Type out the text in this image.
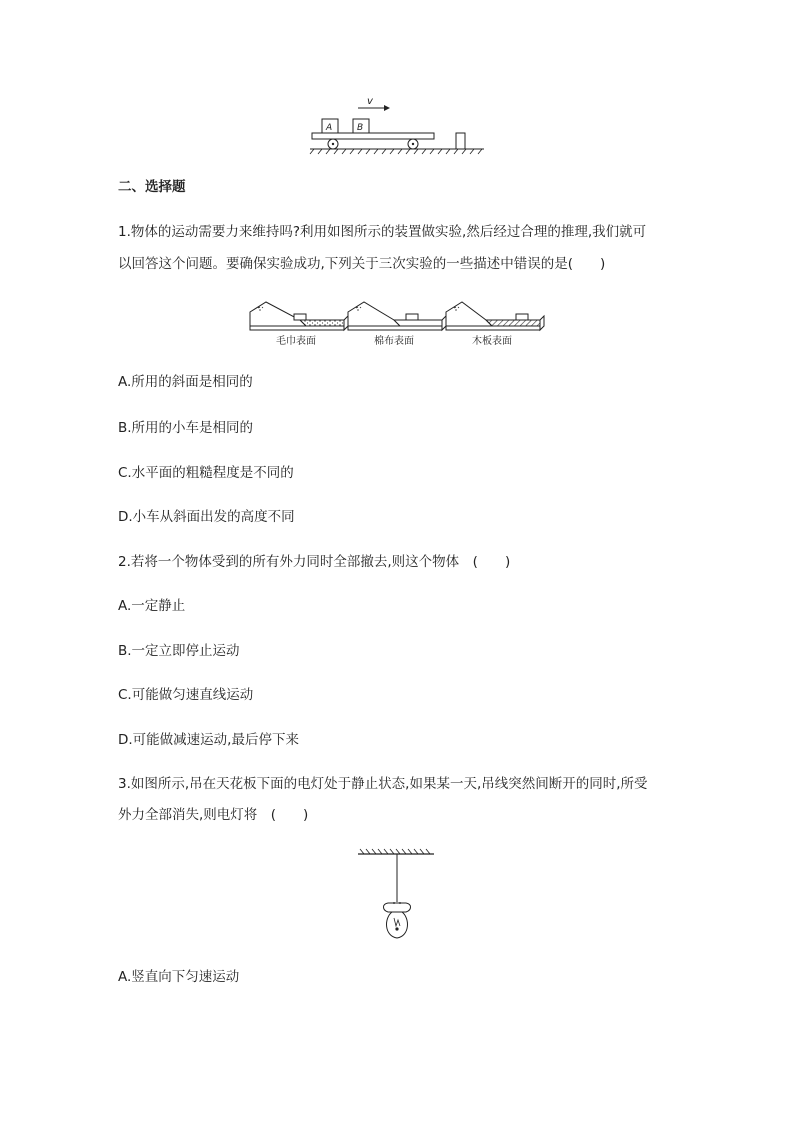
v
A	B
二、选择题
1.物体的运动需要力来维持吗?利用如图所示的装置做实验,然后经过合理的推理,我们就可
以回答这个问题。要确保实验成功,下列关于三次实验的一些描述中错误的是(　　)
毛巾表面	棉布表面	木板表面
A.所用的斜面是相同的
B.所用的小车是相同的
C.水平面的粗糙程度是不同的
D.小车从斜面出发的高度不同
2.若将一个物体受到的所有外力同时全部撤去,则这个物体　(　　)
A.一定静止
B.一定立即停止运动
C.可能做匀速直线运动
D.可能做减速运动,最后停下来
3.如图所示,吊在天花板下面的电灯处于静止状态,如果某一天,吊线突然间断开的同时,所受
外力全部消失,则电灯将　(　　)
A.竖直向下匀速运动
